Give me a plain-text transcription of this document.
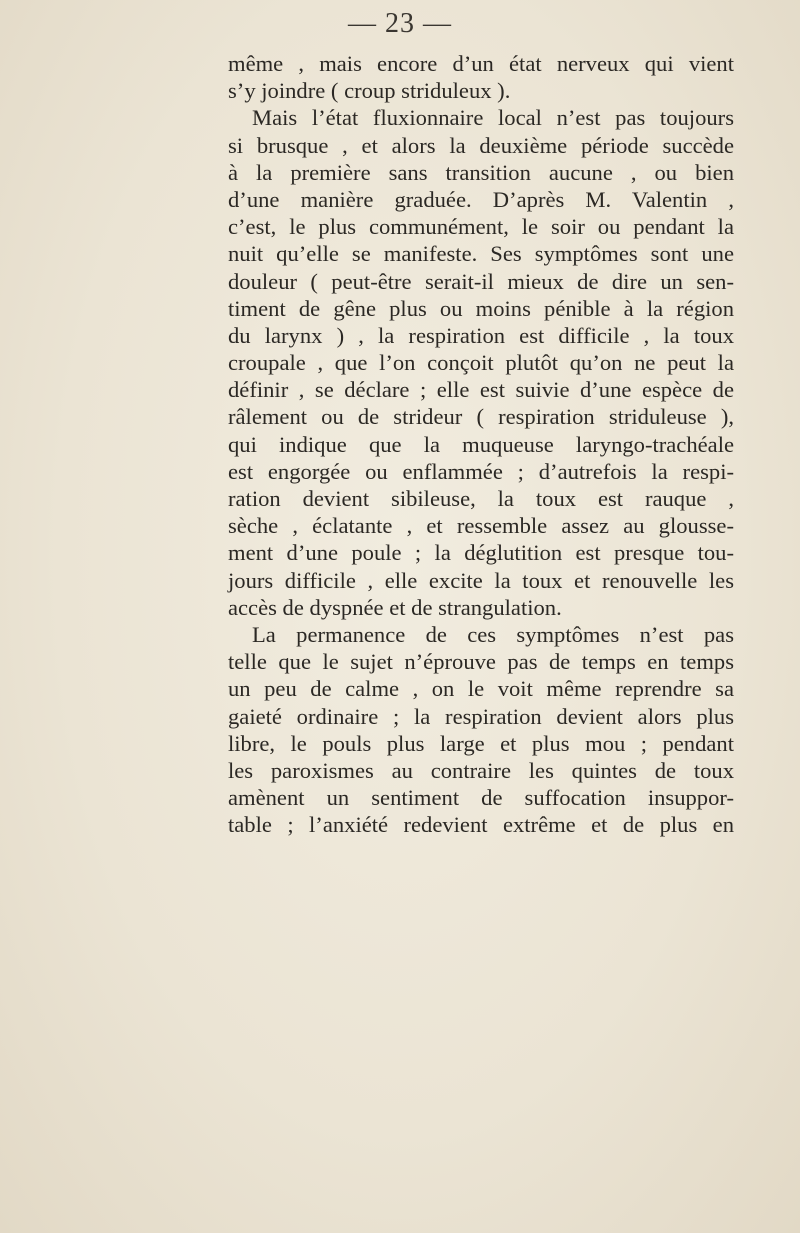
— 23 —
même , mais encore d’un état nerveux qui vient
s’y joindre ( croup striduleux ).
Mais l’état fluxionnaire local n’est pas toujours
si brusque , et alors la deuxième période succède
à la première sans transition aucune , ou bien
d’une manière graduée. D’après M. Valentin ,
c’est, le plus communément, le soir ou pendant la
nuit qu’elle se manifeste. Ses symptômes sont une
douleur ( peut-être serait-il mieux de dire un sen-
timent de gêne plus ou moins pénible à la région
du larynx ) , la respiration est difficile , la toux
croupale , que l’on conçoit plutôt qu’on ne peut la
définir , se déclare ; elle est suivie d’une espèce de
râlement ou de strideur ( respiration striduleuse ),
qui indique que la muqueuse laryngo-trachéale
est engorgée ou enflammée ; d’autrefois la respi-
ration devient sibileuse, la toux est rauque ,
sèche , éclatante , et ressemble assez au glousse-
ment d’une poule ; la déglutition est presque tou-
jours difficile , elle excite la toux et renouvelle les
accès de dyspnée et de strangulation.
La permanence de ces symptômes n’est pas
telle que le sujet n’éprouve pas de temps en temps
un peu de calme , on le voit même reprendre sa
gaieté ordinaire ; la respiration devient alors plus
libre, le pouls plus large et plus mou ; pendant
les paroxismes au contraire les quintes de toux
amènent un sentiment de suffocation insuppor-
table ; l’anxiété redevient extrême et de plus en
